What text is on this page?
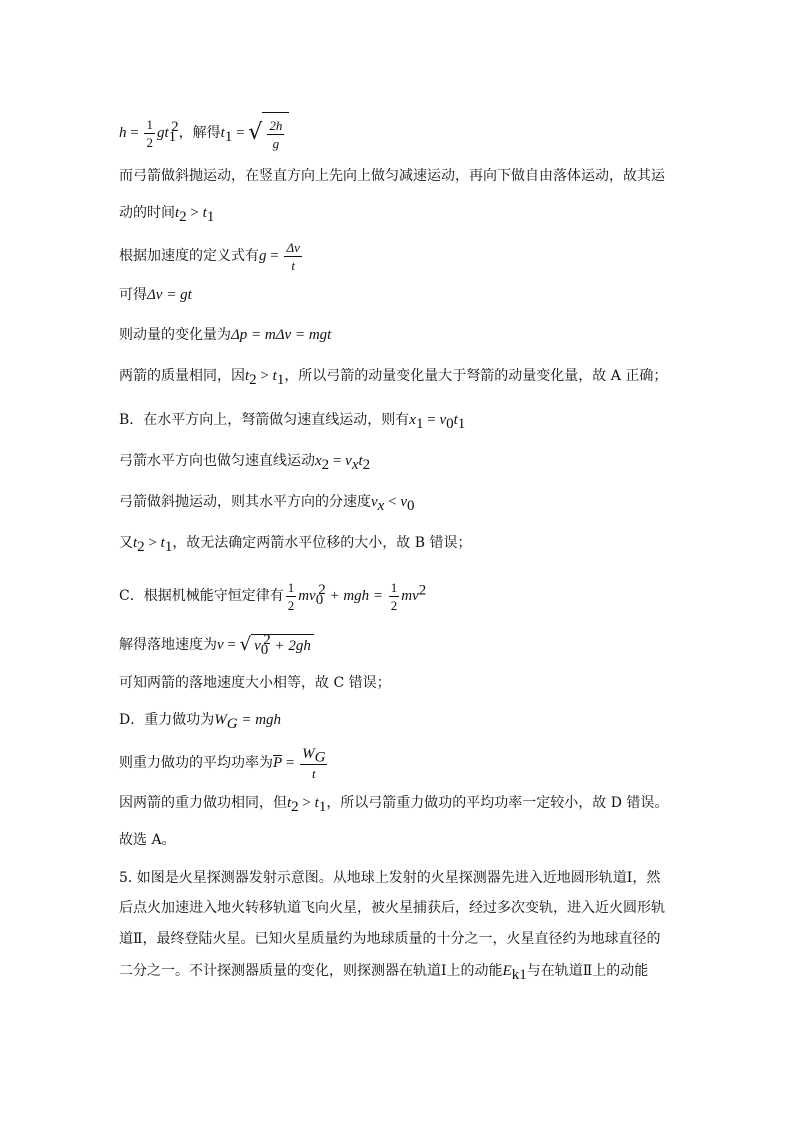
$h = \frac{1}{2} gt_1^2$，解得$t_1$ = √ $\frac{2h}{g}$
而弓箭做斜抛运动，在竖直方向上先向上做匀减速运动，再向下做自由落体运动，故其运
动的时间$t_2 > t_1$
根据加速度的定义式有$g = \frac{\Delta v}{t}$
可得Δv = gt
则动量的变化量为Δp = mΔv = mgt
两箭的质量相同，因$t_2 > t_1$，所以弓箭的动量变化量大于弩箭的动量变化量，故 A 正确；
B．在水平方向上，弩箭做匀速直线运动，则有$x_1 = v_0t_1$
弓箭水平方向也做匀速直线运动$x_2 = v_xt_2$
弓箭做斜抛运动，则其水平方向的分速度$v_x < v_0$
又$t_2 > t_1$，故无法确定两箭水平位移的大小，故 B 错误；
C．根据机械能守恒定律有 $\frac{1}{2} mv_0^2$ + mgh = $\frac{1}{2} mv^2$
解得落地速度为v = √ $v_0^2 + 2gh$
可知两箭的落地速度大小相等，故 C 错误；
D．重力做功为$W_G$ = mgh
则重力做功的平均功率为$P = \frac{W_G}{t}$
因两箭的重力做功相同，但$t_2 > t_1$，所以弓箭重力做功的平均功率一定较小，故 D 错误。
故选 A。
5. 如图是火星探测器发射示意图。从地球上发射的火星探测器先进入近地圆形轨道Ⅰ，然
后点火加速进入地火转移轨道飞向火星，被火星捕获后，经过多次变轨，进入近火圆形轨
道Ⅱ，最终登陆火星。已知火星质量约为地球质量的十分之一，火星直径约为地球直径的
二分之一。不计探测器质量的变化，则探测器在轨道Ⅰ上的动能$E_{k1}$与在轨道Ⅱ上的动能
